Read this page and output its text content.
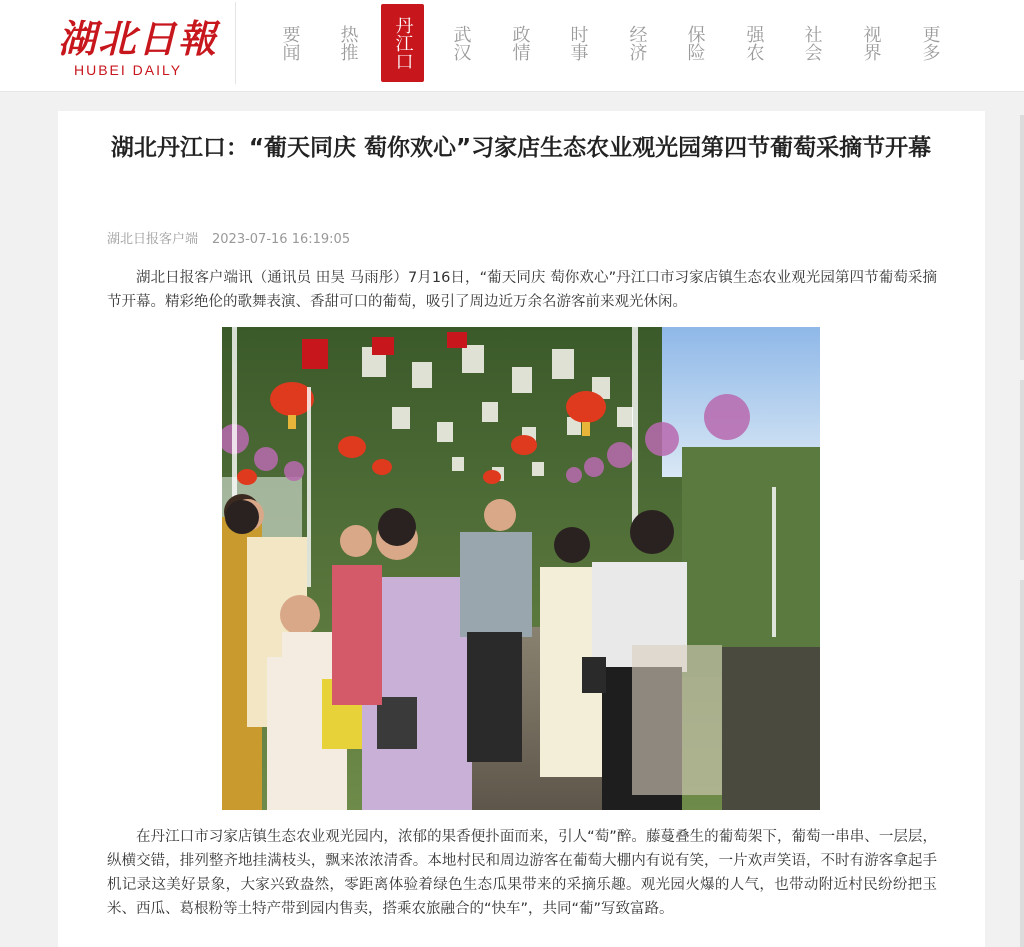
湖北日報
HUBEI DAILY
要闻 热推 丹江口 武汉 政情 时事 经济 保险 强农 社会 视界 更多
湖北丹江口：“葡天同庆 萄你欢心”习家店生态农业观光园第四节葡萄采摘节开幕
湖北日报客户端 2023-07-16 16:19:05

湖北日报客户端讯（通讯员 田昊 马雨彤）7月16日，“葡天同庆 萄你欢心”丹江口市习家店镇生态农业观光园第四节葡萄采摘节开幕。精彩绝伦的歌舞表演、香甜可口的葡萄，吸引了周边近万余名游客前来观光休闲。

在丹江口市习家店镇生态农业观光园内，浓郁的果香便扑面而来，引人“萄”醉。藤蔓叠生的葡萄架下，葡萄一串串、一层层，纵横交错，排列整齐地挂满枝头，飘来浓浓清香。本地村民和周边游客在葡萄大棚内有说有笑，一片欢声笑语，不时有游客拿起手机记录这美好景象，大家兴致盎然，零距离体验着绿色生态瓜果带来的采摘乐趣。观光园火爆的人气，也带动附近村民纷纷把玉米、西瓜、葛根粉等土特产带到园内售卖，搭乘农旅融合的“快车”，共同“葡”写致富路。
